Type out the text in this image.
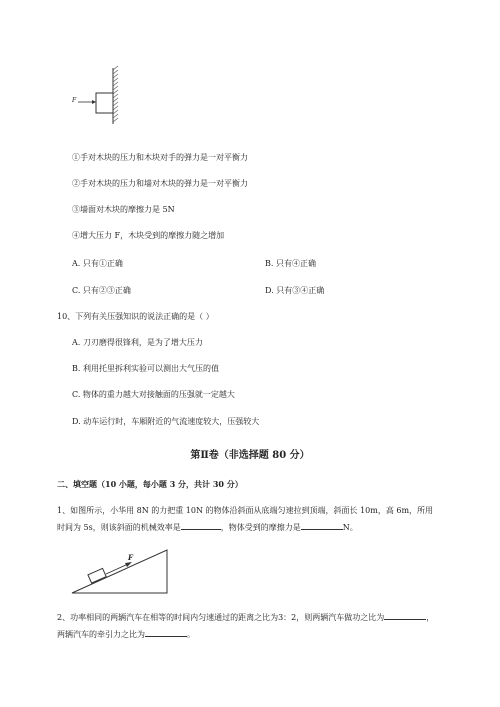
F
①手对木块的压力和木块对手的弹力是一对平衡力
②手对木块的压力和墙对木块的弹力是一对平衡力
③墙面对木块的摩擦力是 5N
④增大压力 F，木块受到的摩擦力随之增加
A. 只有①正确	B. 只有④正确
C. 只有②③正确	D. 只有③④正确
10、下列有关压强知识的说法正确的是（ ）
A. 刀刃磨得很锋利，是为了增大压力
B. 利用托里拆利实验可以测出大气压的值
C. 物体的重力越大对接触面的压强就一定越大
D. 动车运行时，车厢附近的气流速度较大，压强较大
第Ⅱ卷（非选择题 80 分）
二、填空题（10 小题，每小题 3 分，共计 30 分）
1、如图所示，小华用 8N 的力把重 10N 的物体沿斜面从底端匀速拉到顶端，斜面长 10m，高 6m，所用
时间为 5s，则该斜面的机械效率是	，物体受到的摩擦力是	N。
F
2、功率相同的两辆汽车在相等的时间内匀速通过的距离之比为3：2，则两辆汽车做功之比为	，
两辆汽车的牵引力之比为	。
